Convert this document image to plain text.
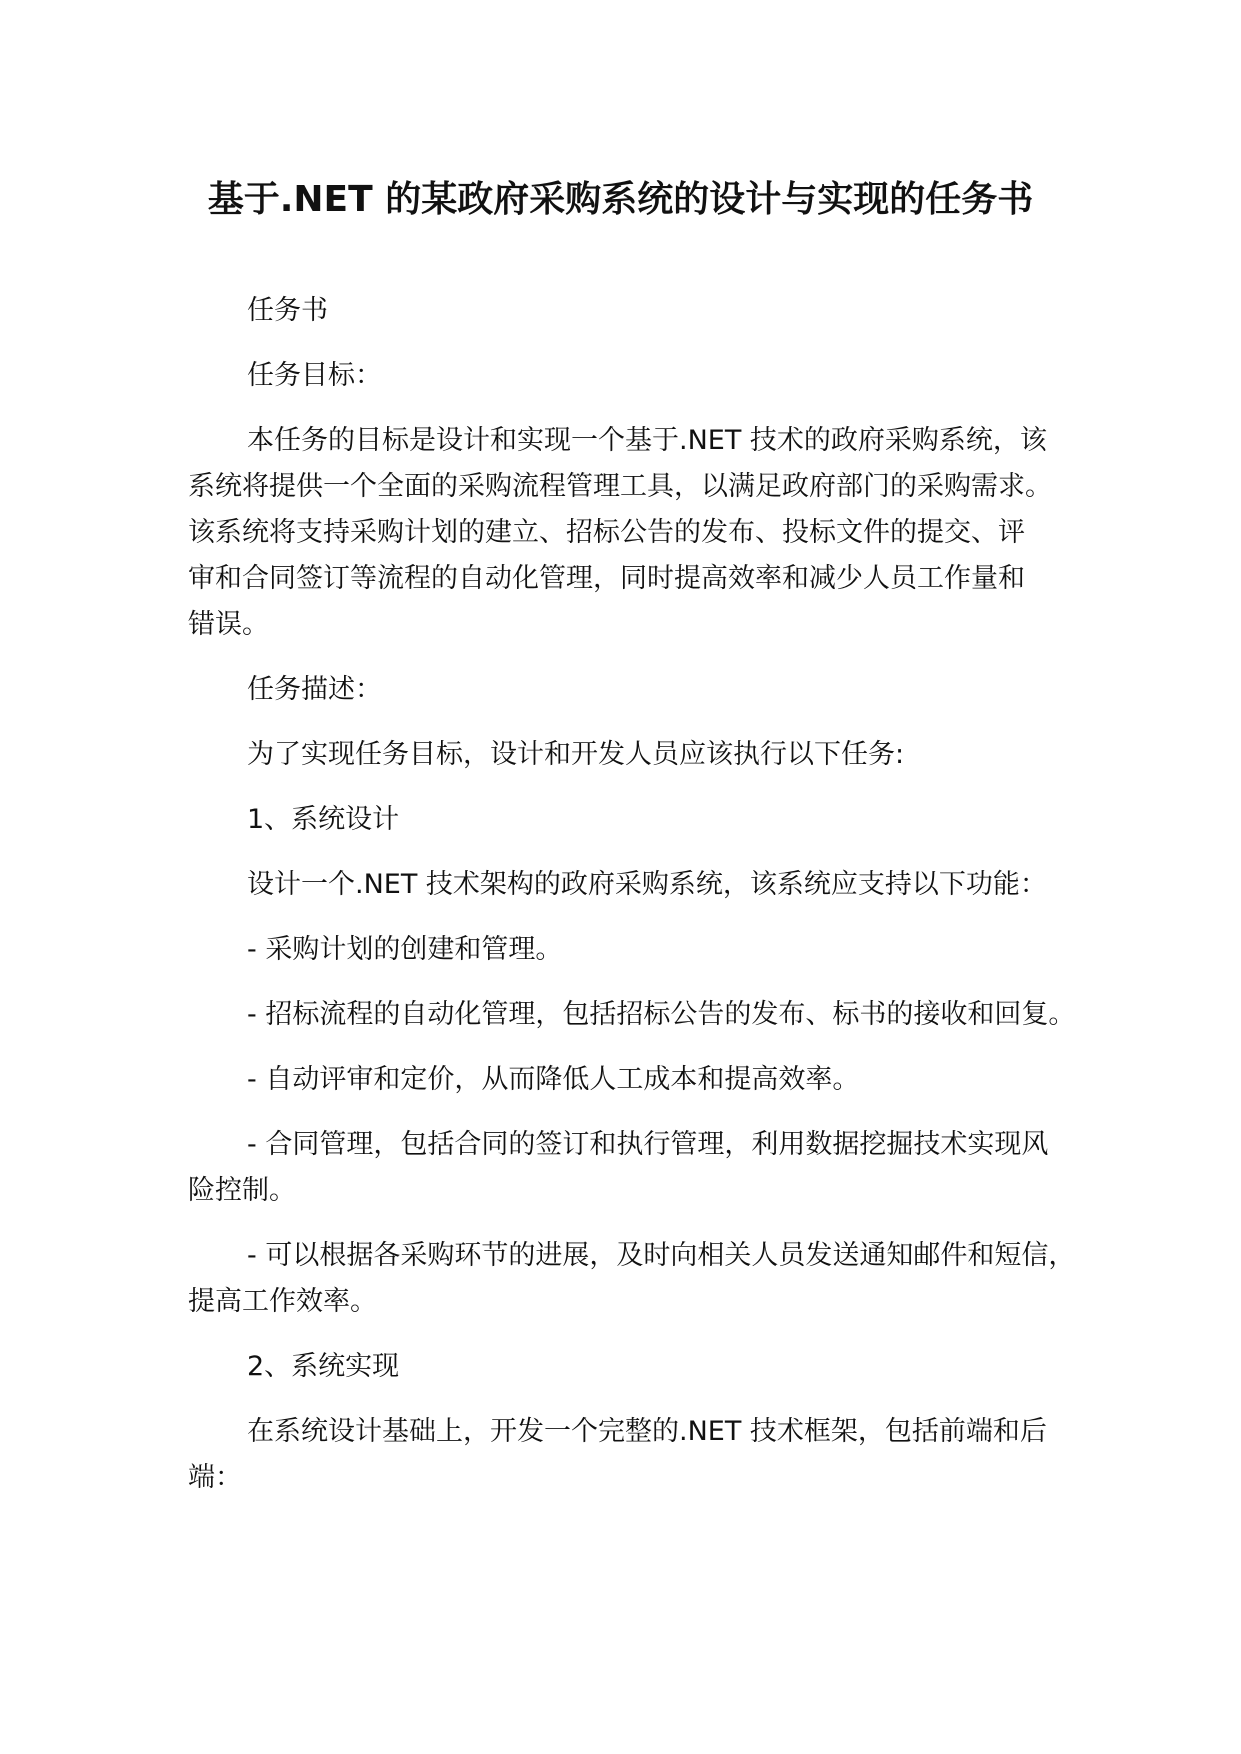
基于.NET 的某政府采购系统的设计与实现的任务书
任务书
任务目标：
本任务的目标是设计和实现一个基于.NET 技术的政府采购系统，该
系统将提供一个全面的采购流程管理工具，以满足政府部门的采购需求。
该系统将支持采购计划的建立、招标公告的发布、投标文件的提交、评
审和合同签订等流程的自动化管理，同时提高效率和减少人员工作量和
错误。
任务描述：
为了实现任务目标，设计和开发人员应该执行以下任务:
1、系统设计
设计一个.NET 技术架构的政府采购系统，该系统应支持以下功能：
- 采购计划的创建和管理。
- 招标流程的自动化管理，包括招标公告的发布、标书的接收和回复。
- 自动评审和定价，从而降低人工成本和提高效率。
- 合同管理，包括合同的签订和执行管理，利用数据挖掘技术实现风
险控制。
- 可以根据各采购环节的进展，及时向相关人员发送通知邮件和短信，
提高工作效率。
2、系统实现
在系统设计基础上，开发一个完整的.NET 技术框架，包括前端和后
端：
